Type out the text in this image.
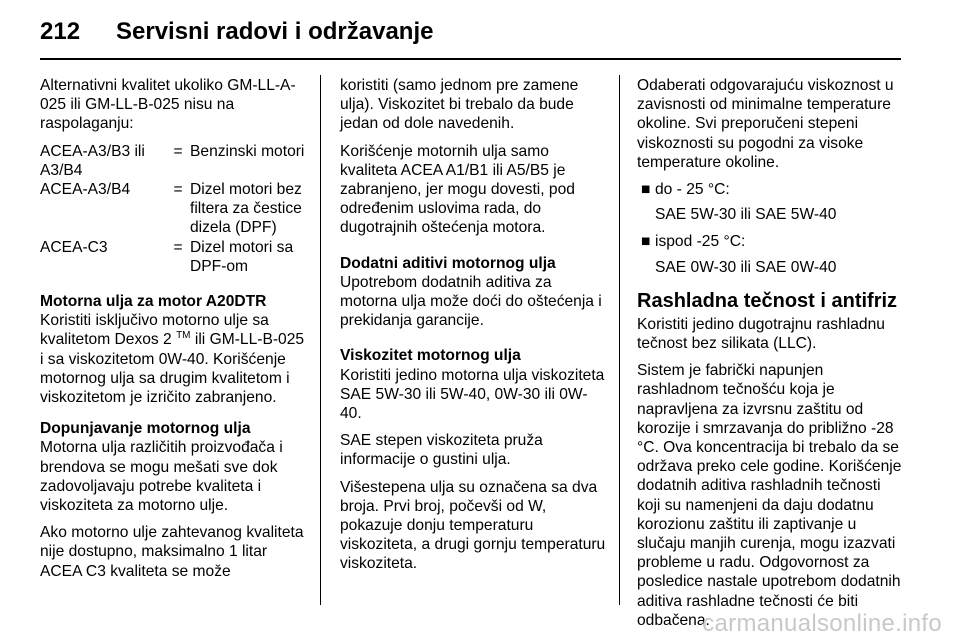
212 Servisni radovi i održavanje

Alternativni kvalitet ukoliko GM-LL-A-025 ili GM-LL-B-025 nisu na raspolaganju:

ACEA-A3/B3 ili A3/B4	=	Benzinski motori
ACEA-A3/B4	=	Dizel motori bez filtera za čestice dizela (DPF)
ACEA-C3	=	Dizel motori sa DPF-om
Motorna ulja za motor A20DTR

Koristiti isključivo motorno ulje sa kvalitetom Dexos 2 ™ ili GM-LL-B-025 i sa viskozitetom 0W-40. Korišćenje motornog ulja sa drugim kvalitetom i viskozitetom je izričito zabranjeno.

Dopunjavanje motornog ulja

Motorna ulja različitih proizvođača i brendova se mogu mešati sve dok zadovoljavaju potrebe kvaliteta i viskoziteta za motorno ulje.

Ako motorno ulje zahtevanog kvaliteta nije dostupno, maksimalno 1 litar ACEA C3 kvaliteta se može

koristiti (samo jednom pre zamene ulja). Viskozitet bi trebalo da bude jedan od dole navedenih.

Korišćenje motornih ulja samo kvaliteta ACEA A1/B1 ili A5/B5 je zabranjeno, jer mogu dovesti, pod određenim uslovima rada, do dugotrajnih oštećenja motora.

Dodatni aditivi motornog ulja

Upotrebom dodatnih aditiva za motorna ulja može doći do oštećenja i prekidanja garancije.

Viskozitet motornog ulja

Koristiti jedino motorna ulja viskoziteta SAE 5W-30 ili 5W-40, 0W-30 ili 0W-40.

SAE stepen viskoziteta pruža informacije o gustini ulja.

Višestepena ulja su označena sa dva broja. Prvi broj, počevši od W, pokazuje donju temperaturu viskoziteta, a drugi gornju temperaturu viskoziteta.

Odaberati odgovarajuću viskoznost u zavisnosti od minimalne temperature okoline. Svi preporučeni stepeni viskoznosti su pogodni za visoke temperature okoline.

■ do - 25 °C:
SAE 5W-30 ili SAE 5W-40
■ ispod -25 °C:
SAE 0W-30 ili SAE 0W-40
Rashladna tečnost i antifriz

Koristiti jedino dugotrajnu rashladnu tečnost bez silikata (LLC).

Sistem je fabrički napunjen rashladnom tečnošću koja je napravljena za izvrsnu zaštitu od korozije i smrzavanja do približno -28 °C. Ova koncentracija bi trebalo da se održava preko cele godine. Korišćenje dodatnih aditiva rashladnih tečnosti koji su namenjeni da daju dodatnu korozionu zaštitu ili zaptivanje u slučaju manjih curenja, mogu izazvati probleme u radu. Odgovornost za posledice nastale upotrebom dodatnih aditiva rashladne tečnosti će biti odbačena.

carmanualsonline.info
